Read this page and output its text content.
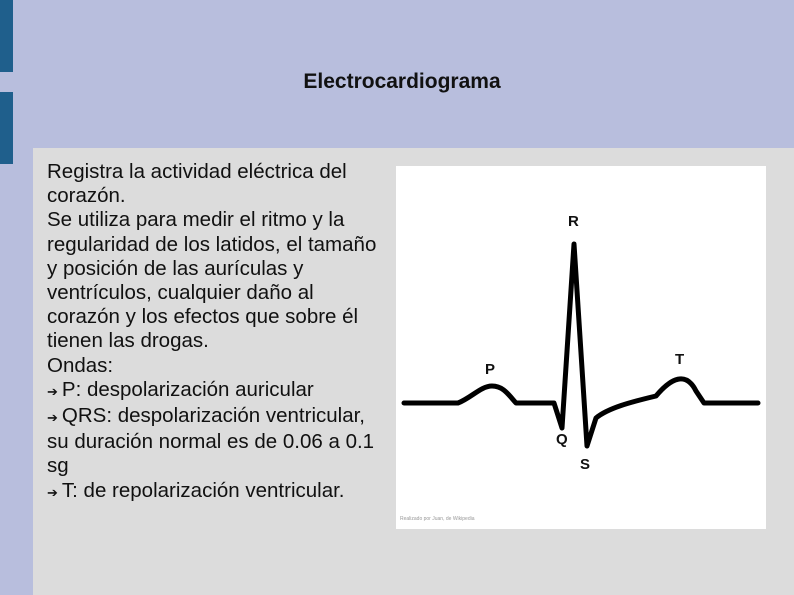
Electrocardiograma

Registra la actividad eléctrica del corazón.

Se utiliza para medir el ritmo y la regularidad de los latidos, el tamaño y posición de las aurículas y ventrículos, cualquier daño al corazón y los efectos que sobre él tienen las drogas.

Ondas:

➔ P: despolarización auricular

➔ QRS: despolarización ventricular, su duración normal es de 0.06 a 0.1 sg

➔ T: de repolarización ventricular.

R
P
Q
S
T
Realizado por Juan, de Wikipedia
